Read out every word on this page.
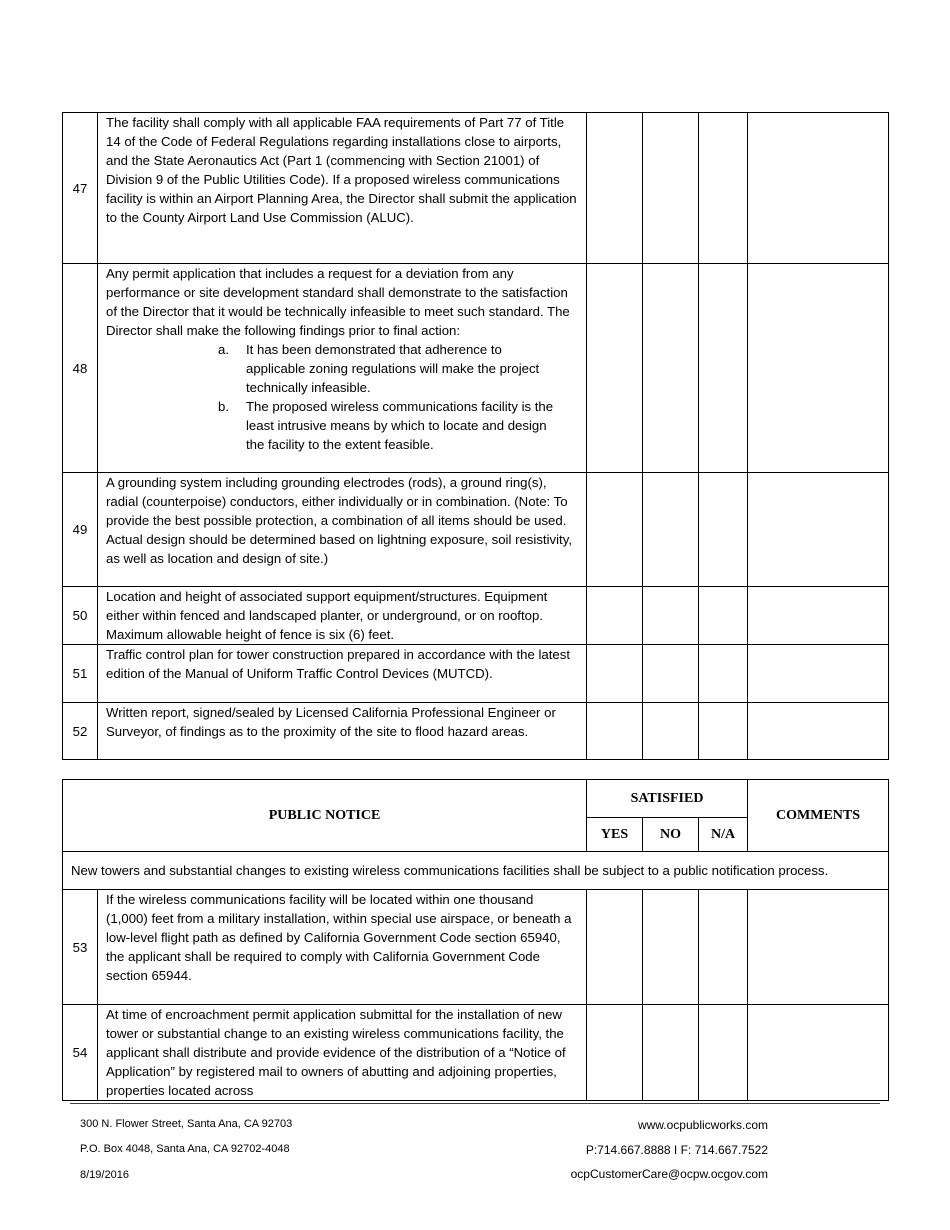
47	The facility shall comply with all applicable FAA requirements of Part 77 of Title 14 of the Code of Federal Regulations regarding installations close to airports, and the State Aeronautics Act (Part 1 (commencing with Section 21001) of Division 9 of the Public Utilities Code). If a proposed wireless communications facility is within an Airport Planning Area, the Director shall submit the application to the County Airport Land Use Commission (ALUC).				

48	Any permit application that includes a request for a deviation from any performance or site development standard shall demonstrate to the satisfaction of the Director that it would be technically infeasible to meet such standard. The Director shall make the following findings prior to final action:
a. It has been demonstrated that adherence to applicable zoning regulations will make the project technically infeasible.
b. The proposed wireless communications facility is the least intrusive means by which to locate and design the facility to the extent feasible.				

49	A grounding system including grounding electrodes (rods), a ground ring(s), radial (counterpoise) conductors, either individually or in combination. (Note: To provide the best possible protection, a combination of all items should be used. Actual design should be determined based on lightning exposure, soil resistivity, as well as location and design of site.)				

50	Location and height of associated support equipment/structures. Equipment either within fenced and landscaped planter, or underground, or on rooftop. Maximum allowable height of fence is six (6) feet.				

51	Traffic control plan for tower construction prepared in accordance with the latest edition of the Manual of Uniform Traffic Control Devices (MUTCD).				

52	Written report, signed/sealed by Licensed California Professional Engineer or Surveyor, of findings as to the proximity of the site to flood hazard areas.				

PUBLIC NOTICE		SATISFIED			COMMENTS
		YES	NO	N/A	
New towers and substantial changes to existing wireless communications facilities shall be subject to a public notification process.					
53	If the wireless communications facility will be located within one thousand (1,000) feet from a military installation, within special use airspace, or beneath a low-level flight path as defined by California Government Code section 65940, the applicant shall be required to comply with California Government Code section 65944.				

54	At time of encroachment permit application submittal for the installation of new tower or substantial change to an existing wireless communications facility, the applicant shall distribute and provide evidence of the distribution of a “Notice of Application” by registered mail to owners of abutting and adjoining properties, properties located across				

300 N. Flower Street, Santa Ana, CA 92703
P.O. Box 4048, Santa Ana, CA 92702-4048
8/19/2016
www.ocpublicworks.com
P:714.667.8888 I F: 714.667.7522
ocpCustomerCare@ocpw.ocgov.com
